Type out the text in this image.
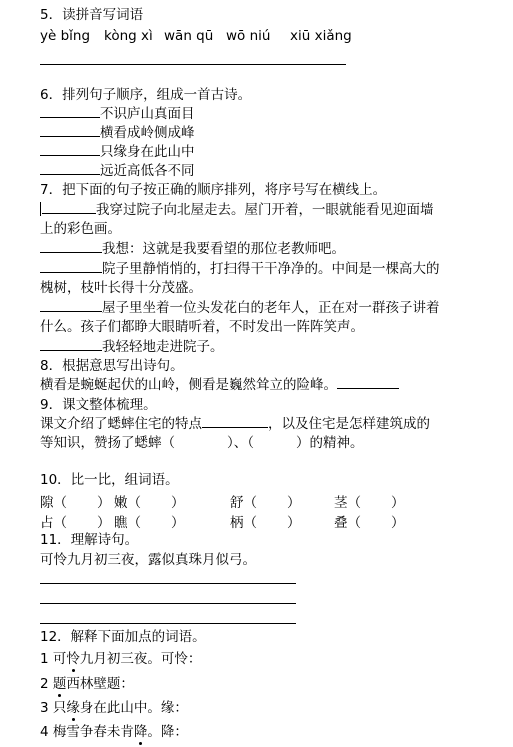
5．读拼音写词语
yè bǐng kòng xì wān qū wō niú xiū xiǎng
6．排列句子顺序，组成一首古诗。
不识庐山真面目
横看成岭侧成峰
只缘身在此山中
远近高低各不同
7．把下面的句子按正确的顺序排列，将序号写在横线上。
我穿过院子向北屋走去。屋门开着，一眼就能看见迎面墙
上的彩色画。
我想：这就是我要看望的那位老教师吧。
院子里静悄悄的，打扫得干干净净的。中间是一棵高大的
槐树，枝叶长得十分茂盛。
屋子里坐着一位头发花白的老年人，正在对一群孩子讲着
什么。孩子们都睁大眼睛听着，不时发出一阵阵笑声。
我轻轻地走进院子。
8．根据意思写出诗句。
横看是蜿蜒起伏的山岭，侧看是巍然耸立的险峰。
9．课文整体梳理。
课文介绍了蟋蟀住宅的特点	，以及住宅是怎样建筑成的
等知识，赞扬了蟋蟀（	）、（	）的精神。
10．比一比，组词语。
隙（ ） 嫩（ ）	舒（ ） 茎（ ）
占（ ） 瞧（ ）	柄（ ） 叠（ ）
11．理解诗句。
可怜九月初三夜，露似真珠月似弓。
12．解释下面加点的词语。
1 可怜九月初三夜。可怜：
2 题西林壁题：
3 只缘身在此山中。缘：
4 梅雪争春未肯降。降：
